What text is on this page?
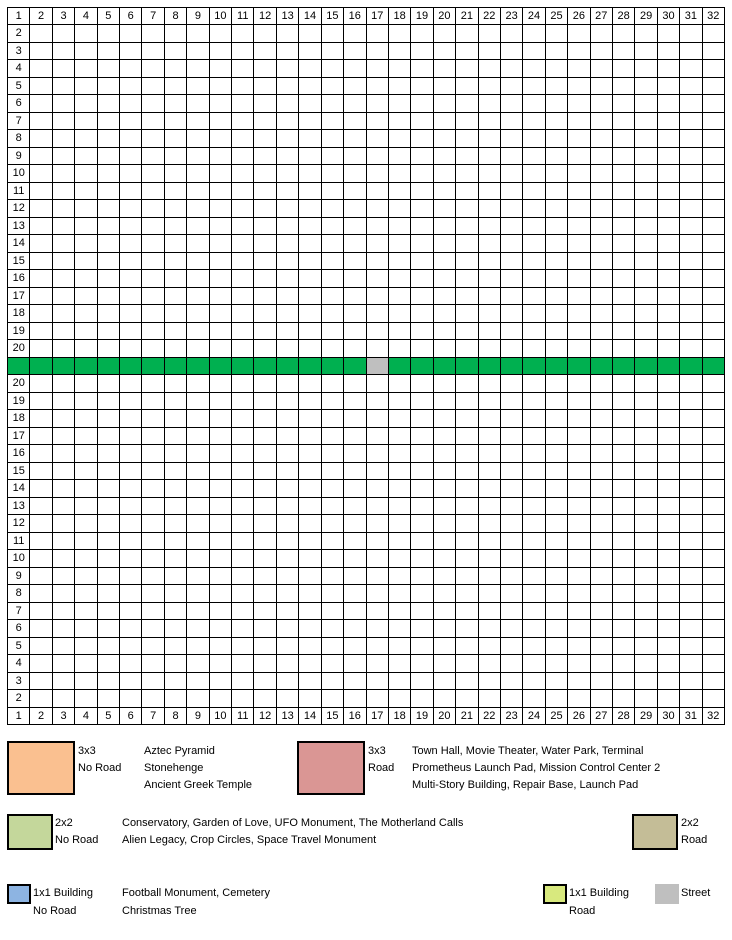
1	2	3	4	5	6	7	8	9	10 11 12 13 14 15 16 17 18 19 20 21 22 23 24 25 26 27 28 29 30 31 32
2
3
4
5
6
7
8
9
10
11
12
13
14
15
16
17
18
19
20
20
19
18
17
16
15
14
13
12
11
10
9
8
7
6
5
4
3
2
1	2	3	4	5	6	7	8	9	10 11 12 13 14 15 16 17 18 19 20 21 22 23 24 25 26 27 28 29 30 31 32
3x3
No Road
Aztec Pyramid
Stonehenge
Ancient Greek Temple
3x3
Road
Town Hall, Movie Theater, Water Park, Terminal
Prometheus Launch Pad, Mission Control Center 2
Multi-Story Building, Repair Base, Launch Pad
2x2
No Road
Conservatory, Garden of Love, UFO Monument, The Motherland Calls
Alien Legacy, Crop Circles, Space Travel Monument
2x2
Road
1x1 Building
No Road
Football Monument, Cemetery
Christmas Tree
1x1 Building
Road
Street
